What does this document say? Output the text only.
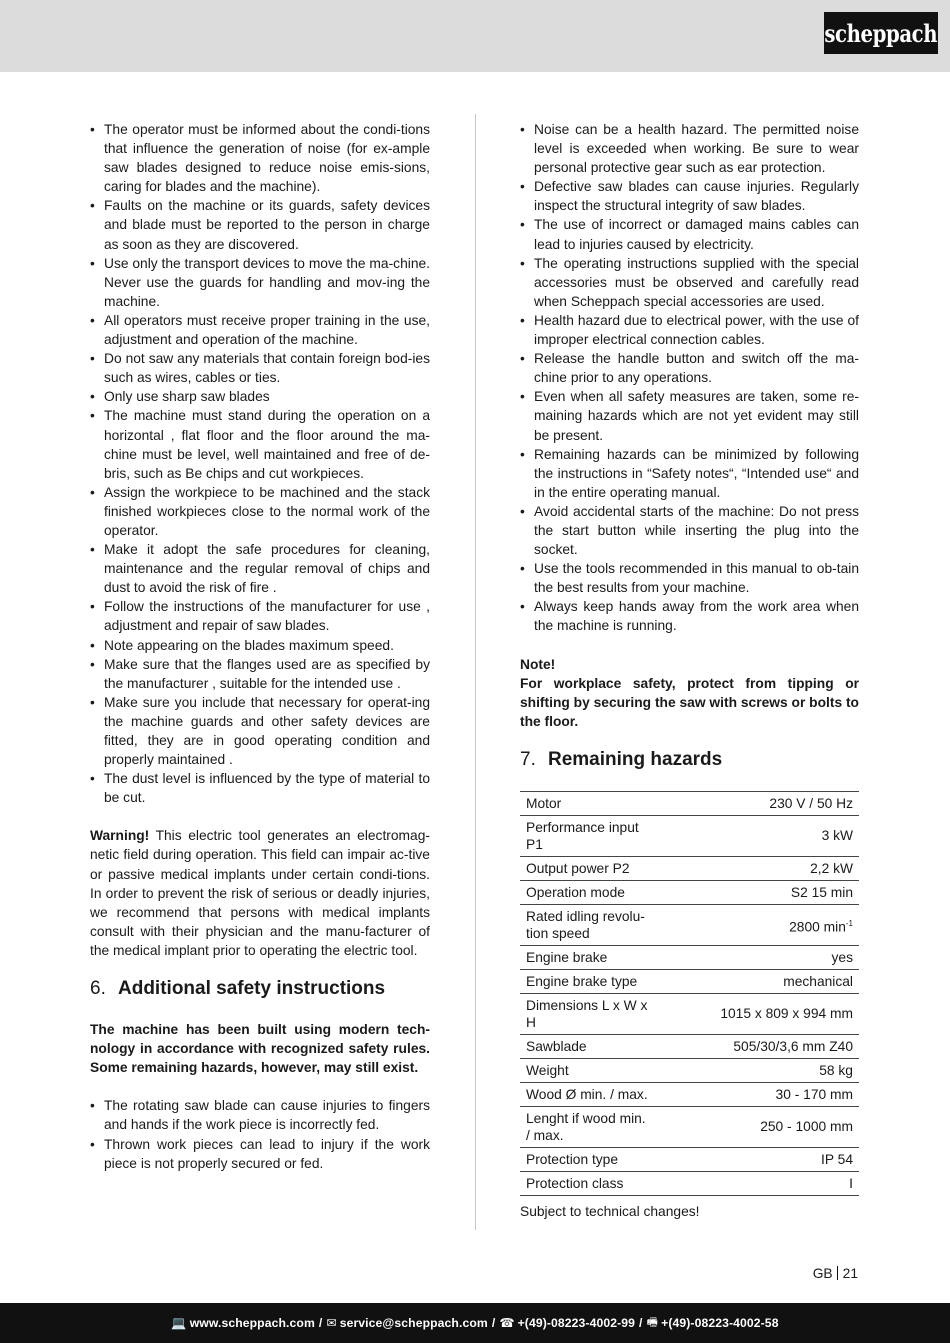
scheppach
• The operator must be informed about the condi-tions that influence the generation of noise (for ex-ample saw blades designed to reduce noise emis-sions, caring for blades and the machine).
• Faults on the machine or its guards, safety devices and blade must be reported to the person in charge as soon as they are discovered.
• Use only the transport devices to move the ma-chine. Never use the guards for handling and mov-ing the machine.
• All operators must receive proper training in the use, adjustment and operation of the machine.
• Do not saw any materials that contain foreign bod-ies such as wires, cables or ties.
• Only use sharp saw blades
• The machine must stand during the operation on a horizontal , flat floor and the floor around the ma-chine must be level, well maintained and free of de-bris, such as Be chips and cut workpieces.
• Assign the workpiece to be machined and the stack finished workpieces close to the normal work of the operator.
• Make it adopt the safe procedures for cleaning, maintenance and the regular removal of chips and dust to avoid the risk of fire .
• Follow the instructions of the manufacturer for use , adjustment and repair of saw blades.
• Note appearing on the blades maximum speed.
• Make sure that the flanges used are as specified by the manufacturer , suitable for the intended use .
• Make sure you include that necessary for operat-ing the machine guards and other safety devices are fitted, they are in good operating condition and properly maintained .
• The dust level is influenced by the type of material to be cut.

Warning! This electric tool generates an electromag-netic field during operation. This field can impair ac-tive or passive medical implants under certain condi-tions. In order to prevent the risk of serious or deadly injuries, we recommend that persons with medical implants consult with their physician and the manu-facturer of the medical implant prior to operating the electric tool.

6. Additional safety instructions

The machine has been built using modern tech-nology in accordance with recognized safety rules. Some remaining hazards, however, may still exist.

• The rotating saw blade can cause injuries to fingers and hands if the work piece is incorrectly fed.
• Thrown work pieces can lead to injury if the work piece is not properly secured or fed.
• Noise can be a health hazard. The permitted noise level is exceeded when working. Be sure to wear personal protective gear such as ear protection.
• Defective saw blades can cause injuries. Regularly inspect the structural integrity of saw blades.
• The use of incorrect or damaged mains cables can lead to injuries caused by electricity.
• The operating instructions supplied with the special accessories must be observed and carefully read when Scheppach special accessories are used.
• Health hazard due to electrical power, with the use of improper electrical connection cables.
• Release the handle button and switch off the ma-chine prior to any operations.
• Even when all safety measures are taken, some re-maining hazards which are not yet evident may still be present.
• Remaining hazards can be minimized by following the instructions in “Safety notes“, “Intended use“ and in the entire operating manual.
• Avoid accidental starts of the machine: Do not press the start button while inserting the plug into the socket.
• Use the tools recommended in this manual to ob-tain the best results from your machine.
• Always keep hands away from the work area when the machine is running.

Note!

For workplace safety, protect from tipping or shifting by securing the saw with screws or bolts to the floor.

7. Remaining hazards
Motor	230 V / 50 Hz
Performance input P1	3 kW
Output power P2	2,2 kW
Operation mode	S2 15 min
Rated idling revolu-tion speed	2800 $\min^{-1}$
Engine brake	yes
Engine brake type	mechanical
Dimensions L x W x H	1015 x 809 x 994 mm
Sawblade	505/30/3,6 mm Z40
Weight	58 kg
Wood Ø min. / max.	30 - 170 mm
Lenght if wood min. / max.	250 - 1000 mm
Protection type	IP 54
Protection class	I

Subject to technical changes!

GB 21
💻 www.scheppach.com / ✉ service@scheppach.com / ☎ +(49)-08223-4002-99 / 🖷 +(49)-08223-4002-58
